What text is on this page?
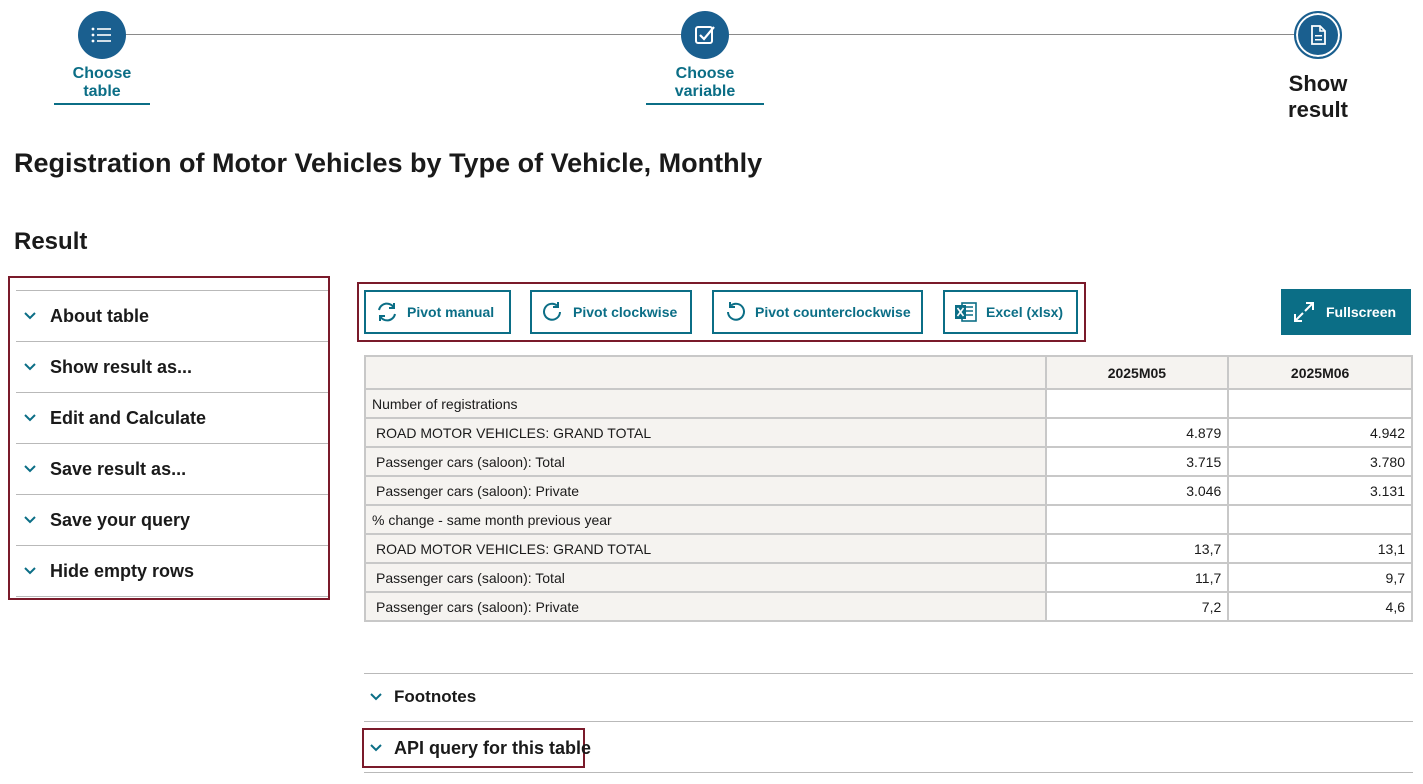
Choose table
Choose variable	Show result
Registration of Motor Vehicles by Type of Vehicle, Monthly
Result
About table
Show result as...
Edit and Calculate
Save result as...
Save your query
Hide empty rows
Pivot manual	Pivot clockwise	Pivot counterclockwise	Excel (xlsx)	Fullscreen
	2025M05	2025M06
Number of registrations		
ROAD MOTOR VEHICLES: GRAND TOTAL	4.879	4.942
Passenger cars (saloon): Total	3.715	3.780
Passenger cars (saloon): Private	3.046	3.131
% change - same month previous year		
ROAD MOTOR VEHICLES: GRAND TOTAL	13,7	13,1
Passenger cars (saloon): Total	11,7	9,7
Passenger cars (saloon): Private	7,2	4,6
Footnotes
API query for this table
